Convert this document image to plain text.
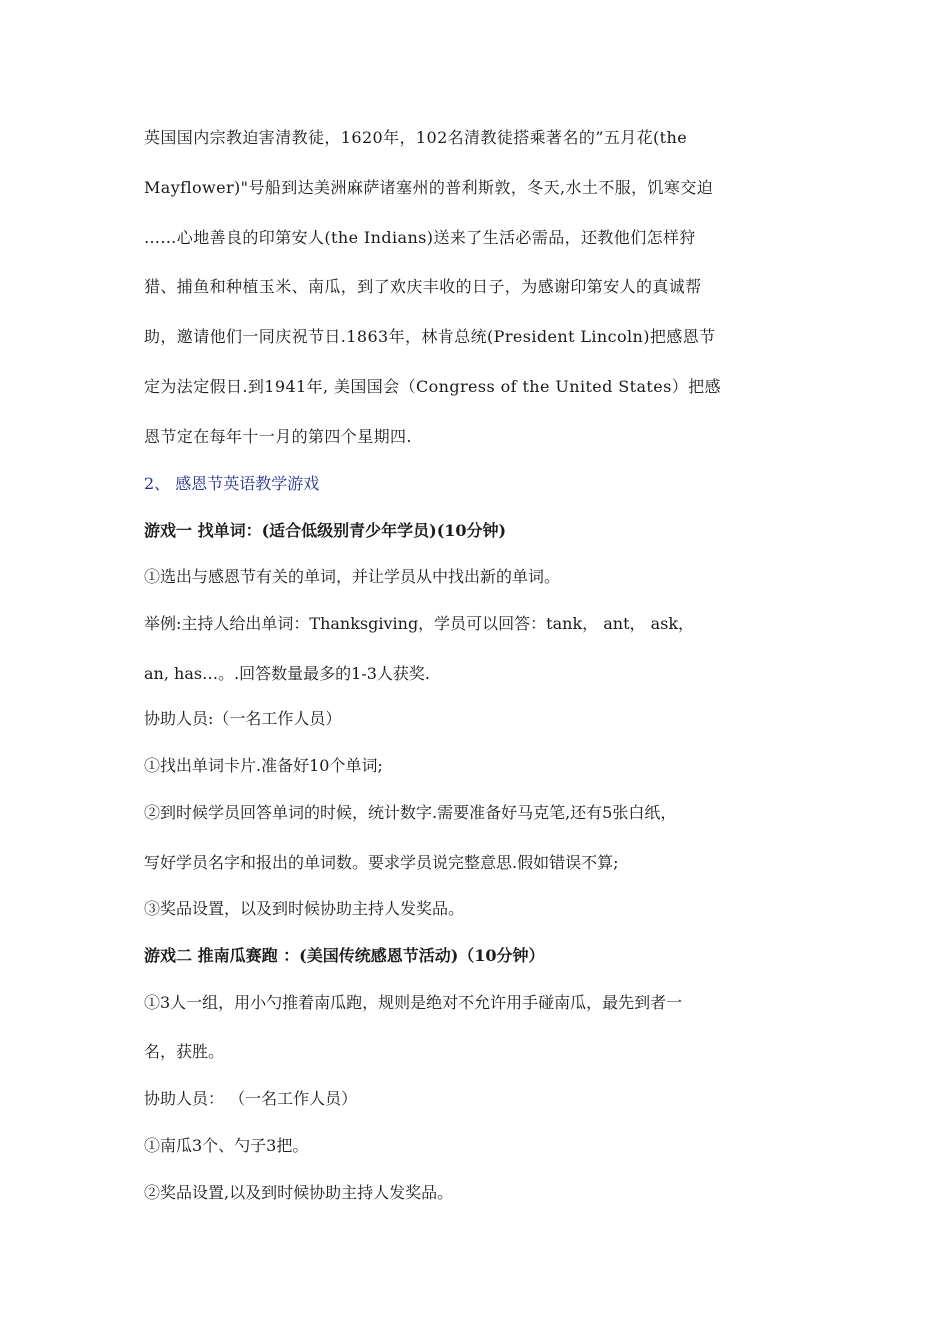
英国国内宗教迫害清教徒，1620年，102名清教徒搭乘著名的”五月花(the
Mayflower)"号船到达美洲麻萨诸塞州的普利斯敦，冬天,水土不服，饥寒交迫
……心地善良的印第安人(the Indians)送来了生活必需品，还教他们怎样狩
猎、捕鱼和种植玉米、南瓜，到了欢庆丰收的日子，为感谢印第安人的真诚帮
助，邀请他们一同庆祝节日.1863年，林肯总统(President Lincoln)把感恩节
定为法定假日.到1941年, 美国国会（Congress of the United States）把感
恩节定在每年十一月的第四个星期四.
2、 感恩节英语教学游戏
游戏一 找单词：(适合低级别青少年学员)(10分钟)
①选出与感恩节有关的单词，并让学员从中找出新的单词。
举例:主持人给出单词：Thanksgiving，学员可以回答：tank， ant， ask，
an, has…。.回答数量最多的1-3人获奖.
协助人员:（一名工作人员）
①找出单词卡片.准备好10个单词;
②到时候学员回答单词的时候，统计数字.需要准备好马克笔,还有5张白纸，
写好学员名字和报出的单词数。要求学员说完整意思.假如错误不算;
③奖品设置，以及到时候协助主持人发奖品。
游戏二 推南瓜赛跑 ：(美国传统感恩节活动)（10分钟）
①3人一组，用小勺推着南瓜跑，规则是绝对不允许用手碰南瓜，最先到者一
名，获胜。
协助人员： （一名工作人员）
①南瓜3个、勺子3把。
②奖品设置,以及到时候协助主持人发奖品。
